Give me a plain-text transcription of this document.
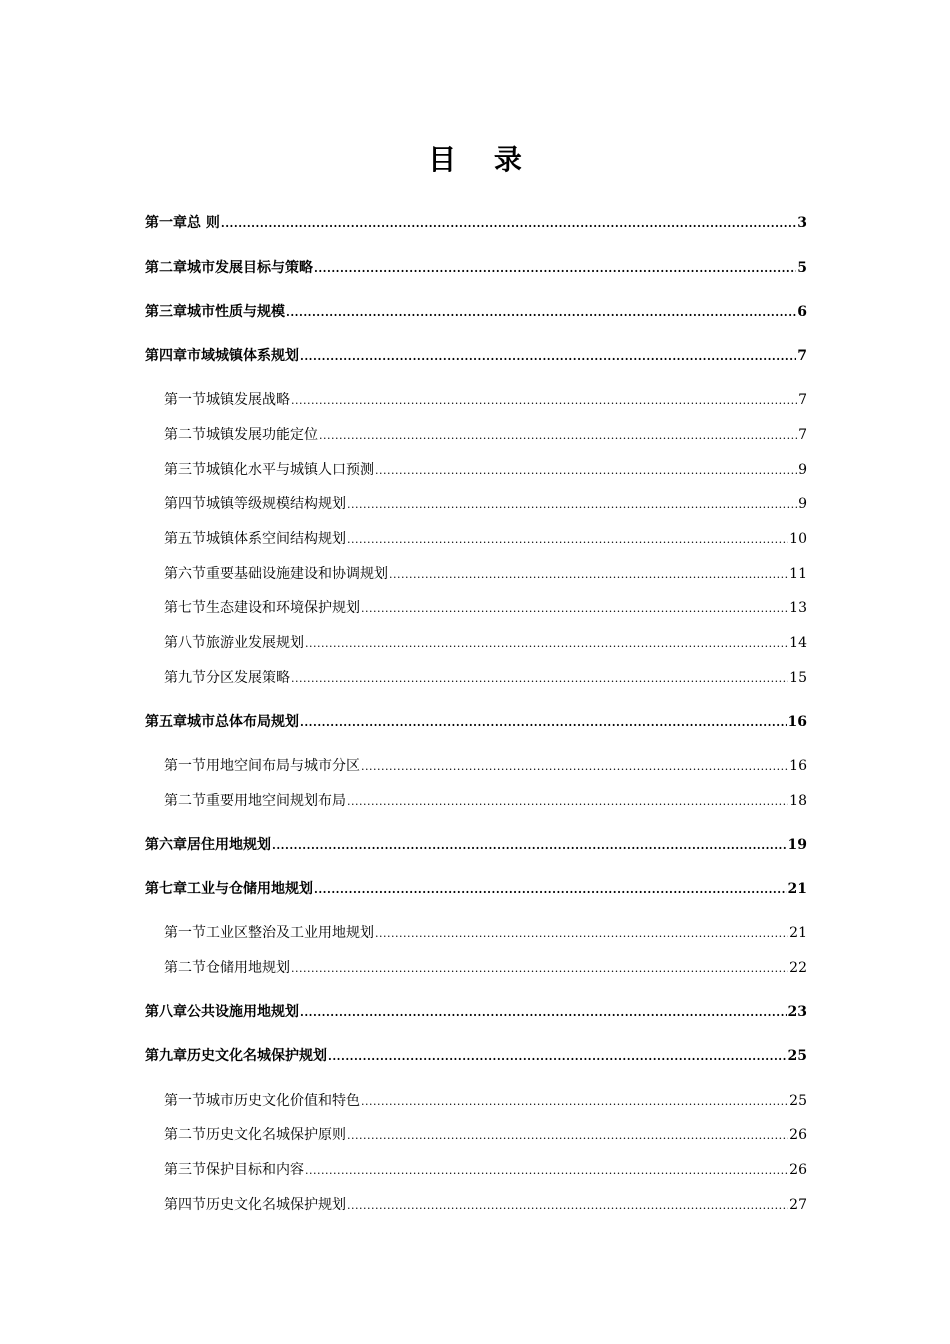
目 录
第一章 总 则 .....	3
第二章 城市发展目标与策略 .....	5
第三章 城市性质与规模 .....	6
第四章 市域城镇体系规划 .....	7
第一节 城镇发展战略 .....	7
第二节 城镇发展功能定位 .....	7
第三节 城镇化水平与城镇人口预测 .....	9
第四节 城镇等级规模结构规划 .....	9
第五节 城镇体系空间结构规划 .....	10
第六节 重要基础设施建设和协调规划 .....	11
第七节 生态建设和环境保护规划 .....	13
第八节 旅游业发展规划 .....	14
第九节 分区发展策略 .....	15
第五章 城市总体布局规划 .....	16
第一节 用地空间布局与城市分区 .....	16
第二节 重要用地空间规划布局 .....	18
第六章 居住用地规划 .....	19
第七章 工业与仓储用地规划 .....	21
第一节 工业区整治及工业用地规划 .....	21
第二节 仓储用地规划 .....	22
第八章 公共设施用地规划 .....	23
第九章 历史文化名城保护规划 .....	25
第一节 城市历史文化价值和特色 .....	25
第二节 历史文化名城保护原则 .....	26
第三节 保护目标和内容 .....	26
第四节 历史文化名城保护规划 .....	27
